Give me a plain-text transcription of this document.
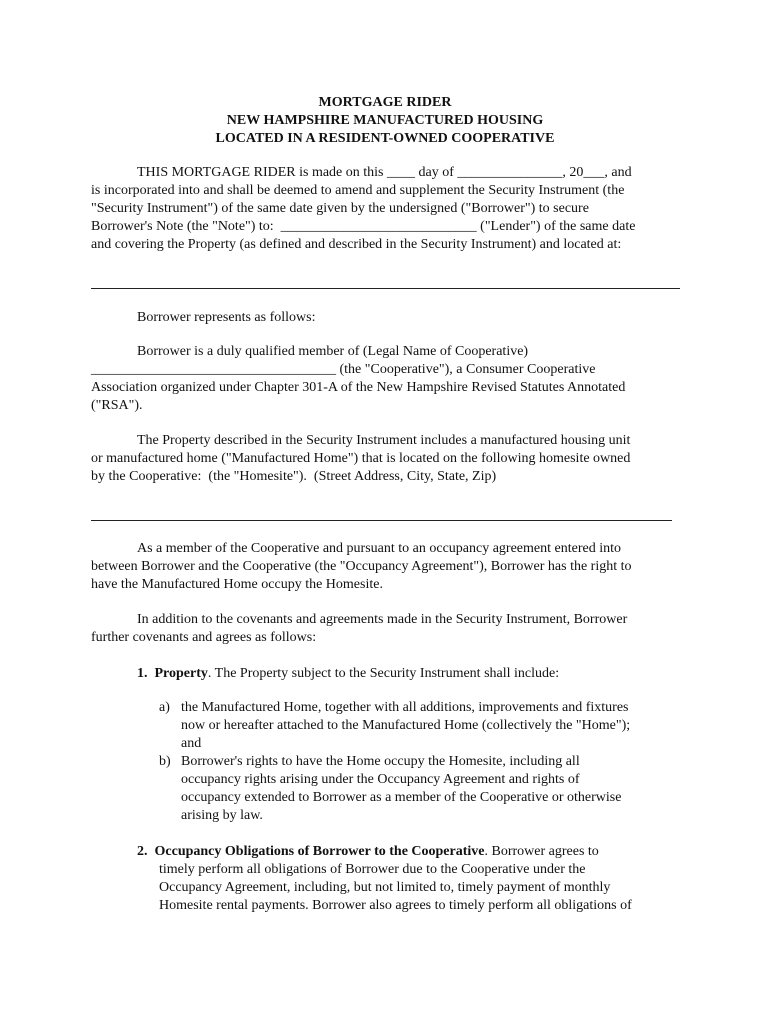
MORTGAGE RIDER
NEW HAMPSHIRE MANUFACTURED HOUSING
LOCATED IN A RESIDENT-OWNED COOPERATIVE
THIS MORTGAGE RIDER is made on this ____ day of _______________, 20___, and
is incorporated into and shall be deemed to amend and supplement the Security Instrument (the
"Security Instrument") of the same date given by the undersigned ("Borrower") to secure
Borrower's Note (the "Note") to:  ____________________________ ("Lender") of the same date
and covering the Property (as defined and described in the Security Instrument) and located at:
Borrower represents as follows:
Borrower is a duly qualified member of (Legal Name of Cooperative)
___________________________________ (the "Cooperative"), a Consumer Cooperative
Association organized under Chapter 301-A of the New Hampshire Revised Statutes Annotated
("RSA").
The Property described in the Security Instrument includes a manufactured housing unit
or manufactured home ("Manufactured Home") that is located on the following homesite owned
by the Cooperative:  (the "Homesite").  (Street Address, City, State, Zip)
As a member of the Cooperative and pursuant to an occupancy agreement entered into
between Borrower and the Cooperative (the "Occupancy Agreement"), Borrower has the right to
have the Manufactured Home occupy the Homesite.
In addition to the covenants and agreements made in the Security Instrument, Borrower
further covenants and agrees as follows:
1. Property. The Property subject to the Security Instrument shall include:
a) the Manufactured Home, together with all additions, improvements and fixtures
now or hereafter attached to the Manufactured Home (collectively the "Home");
and
b) Borrower's rights to have the Home occupy the Homesite, including all
occupancy rights arising under the Occupancy Agreement and rights of
occupancy extended to Borrower as a member of the Cooperative or otherwise
arising by law.
2. Occupancy Obligations of Borrower to the Cooperative. Borrower agrees to
timely perform all obligations of Borrower due to the Cooperative under the
Occupancy Agreement, including, but not limited to, timely payment of monthly
Homesite rental payments. Borrower also agrees to timely perform all obligations of
